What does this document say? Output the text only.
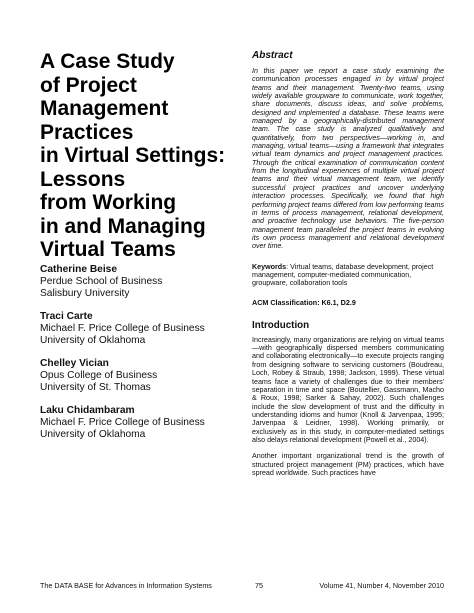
A Case Study
of Project
Management
Practices
in Virtual Settings:
Lessons
from Working
in and Managing
Virtual Teams
Catherine Beise
Perdue School of Business
Salisbury University
Traci Carte
Michael F. Price College of Business
University of Oklahoma
Chelley Vician
Opus College of Business
University of St. Thomas
Laku Chidambaram
Michael F. Price College of Business
University of Oklahoma

Abstract

In this paper we report a case study examining the communication processes engaged in by virtual project teams and their management. Twenty-two teams, using widely available groupware to communicate, work together, share documents, discuss ideas, and solve problems, designed and implemented a database. These teams were managed by a geographically-distributed management team. The case study is analyzed qualitatively and quantitatively, from two perspectives—working in, and managing, virtual teams—using a framework that integrates virtual team dynamics and project management practices. Through the critical examination of communication content from the longitudinal experiences of multiple virtual project teams and their virtual management team, we identify successful project practices and uncover underlying interaction processes. Specifically, we found that high performing project teams differed from low performing teams in terms of process management, relational development, and proactive technology use behaviors. The five-person management team paralleled the project teams in evolving its own process management and relational development over time.

Keywords: Virtual teams, database development, project management, computer-mediated communication, groupware, collaboration tools

ACM Classification: K6.1, D2.9

Introduction

Increasingly, many organizations are relying on virtual teams—with geographically dispersed members communicating and collaborating electronically—to execute projects ranging from designing software to servicing customers (Boudreau, Loch, Robey & Straub, 1998; Jackson, 1999). These virtual teams face a variety of challenges due to their members' separation in time and space (Boutellier, Gassmann, Macho & Roux, 1998; Sarker & Sahay, 2002). Such challenges include the slow development of trust and the difficulty in understanding idioms and humor (Knoll & Jarvenpaa, 1995; Jarvenpaa & Leidner, 1998). Working primarily, or exclusively as in this study, in computer-mediated settings also delays relational development (Powell et al., 2004).

Another important organizational trend is the growth of structured project management (PM) practices, which have spread worldwide. Such practices have

The DATA BASE for Advances in Information Systems	75	Volume 41, Number 4, November 2010
